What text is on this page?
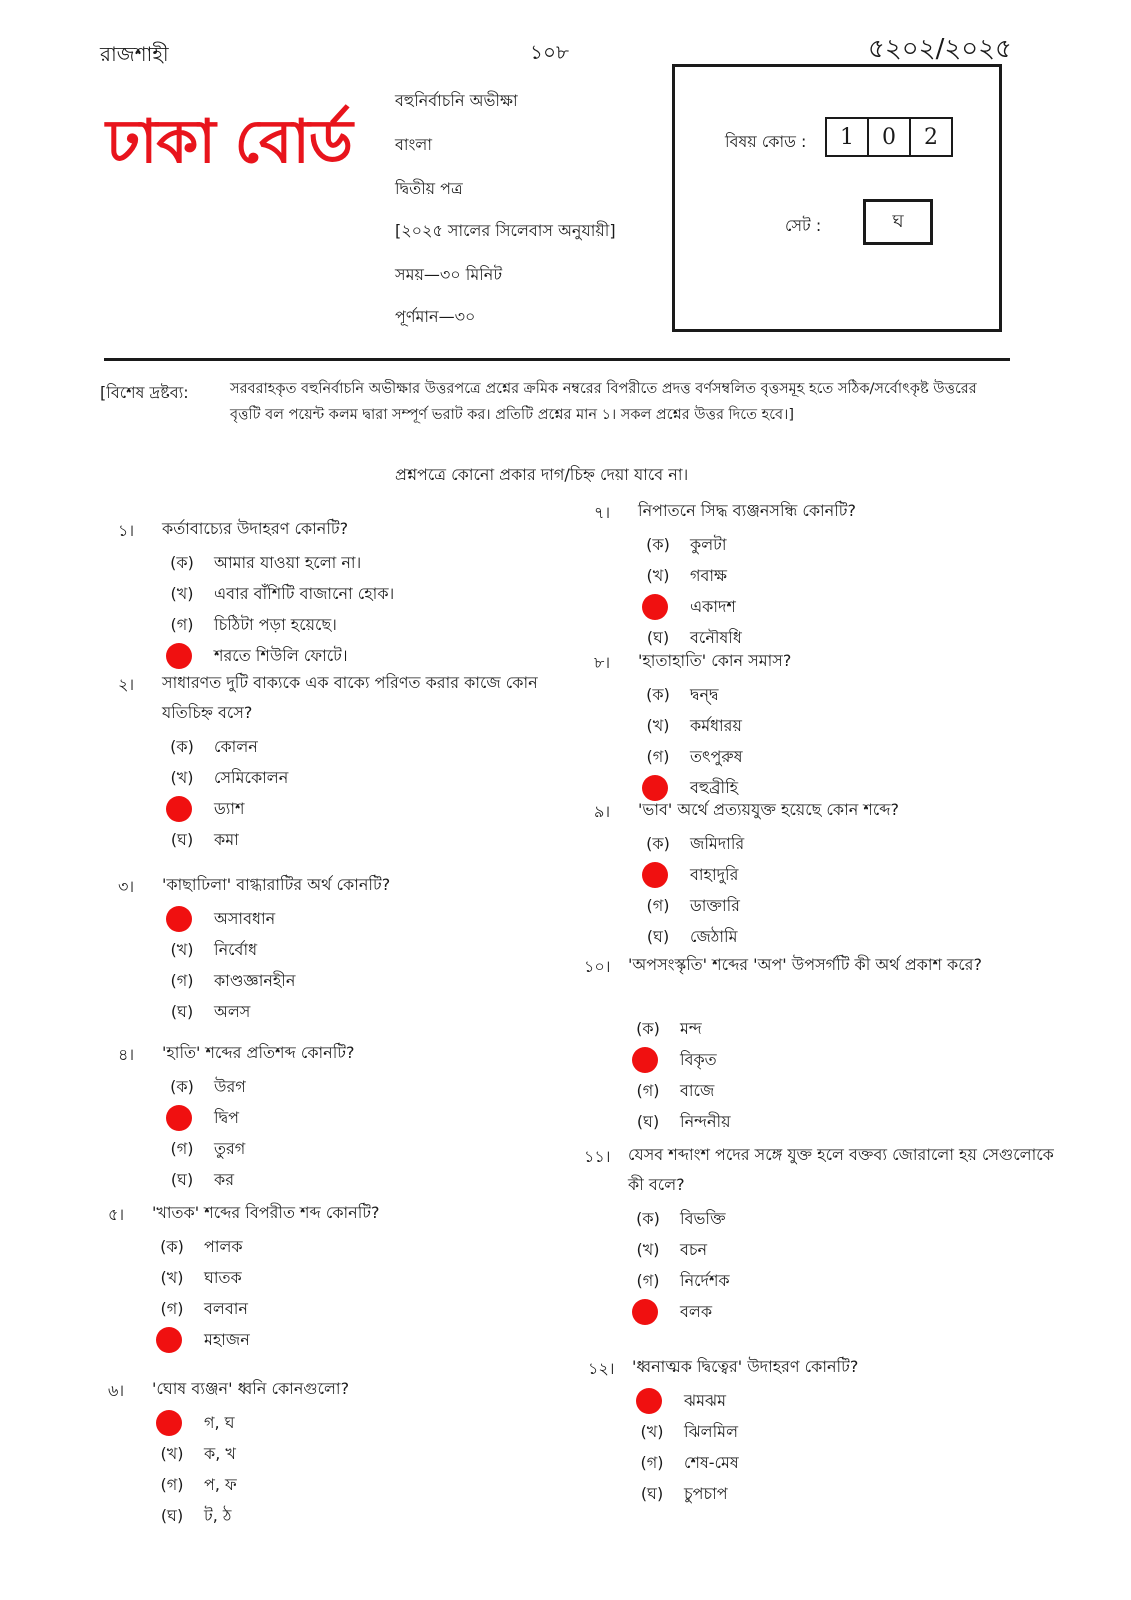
রাজশাহী	১০৮	৫২০২/২০২৫
ঢাকা বোর্ড
বহুনির্বাচনি অভীক্ষা
বাংলা
দ্বিতীয় পত্র
[২০২৫ সালের সিলেবাস অনুযায়ী]
সময়—৩০ মিনিট
পূর্ণমান—৩০
বিষয় কোড :	1	0	2
সেট :	ঘ
[বিশেষ দ্রষ্টব্য:	সরবরাহকৃত বহুনির্বাচনি অভীক্ষার উত্তরপত্রে প্রশ্নের ক্রমিক নম্বরের বিপরীতে প্রদত্ত বর্ণসম্বলিত বৃত্তসমূহ হতে সঠিক/সর্বোৎকৃষ্ট উত্তরের বৃত্তটি বল পয়েন্ট কলম দ্বারা সম্পূর্ণ ভরাট কর। প্রতিটি প্রশ্নের মান ১। সকল প্রশ্নের উত্তর দিতে হবে।]
প্রশ্নপত্রে কোনো প্রকার দাগ/চিহ্ন দেয়া যাবে না।
১। কর্তাবাচ্যের উদাহরণ কোনটি?
(ক)	আমার যাওয়া হলো না।
(খ)	এবার বাঁশিটি বাজানো হোক।
(গ)	চিঠিটা পড়া হয়েছে।
শরতে শিউলি ফোটে।
২। সাধারণত দুটি বাক্যকে এক বাক্যে পরিণত করার কাজে কোন যতিচিহ্ন বসে?
(ক)	কোলন
(খ)	সেমিকোলন
ড্যাশ
(ঘ)	কমা
৩। 'কাছাঢিলা' বাগ্ধারাটির অর্থ কোনটি?
অসাবধান
(খ)	নির্বোধ
(গ)	কাণ্ডজ্ঞানহীন
(ঘ)	অলস
৪। 'হাতি' শব্দের প্রতিশব্দ কোনটি?
(ক)	উরগ
দ্বিপ
(গ)	তুরগ
(ঘ)	কর
৫। 'খাতক' শব্দের বিপরীত শব্দ কোনটি?
(ক)	পালক
(খ)	ঘাতক
(গ)	বলবান
মহাজন
৬। 'ঘোষ ব্যঞ্জন' ধ্বনি কোনগুলো?
গ, ঘ
(খ)	ক, খ
(গ)	প, ফ
(ঘ)	ট, ঠ
৭। নিপাতনে সিদ্ধ ব্যঞ্জনসন্ধি কোনটি?
(ক)	কুলটা
(খ)	গবাক্ষ
একাদশ
(ঘ)	বনৌষধি
৮। 'হাতাহাতি' কোন সমাস?
(ক)	দ্বন্দ্ব
(খ)	কর্মধারয়
(গ)	তৎপুরুষ
বহুব্রীহি
৯। 'ভাব' অর্থে প্রত্যয়যুক্ত হয়েছে কোন শব্দে?
(ক)	জমিদারি
বাহাদুরি
(গ)	ডাক্তারি
(ঘ)	জেঠামি
১০। 'অপসংস্কৃতি' শব্দের 'অপ' উপসর্গটি কী অর্থ প্রকাশ করে?
(ক)	মন্দ
বিকৃত
(গ)	বাজে
(ঘ)	নিন্দনীয়
১১। যেসব শব্দাংশ পদের সঙ্গে যুক্ত হলে বক্তব্য জোরালো হয় সেগুলোকে কী বলে?
(ক)	বিভক্তি
(খ)	বচন
(গ)	নির্দেশক
বলক
১২। 'ধ্বনাত্মক দ্বিত্বের' উদাহরণ কোনটি?
ঝমঝম
(খ)	ঝিলমিল
(গ)	শেষ-মেষ
(ঘ)	চুপচাপ
